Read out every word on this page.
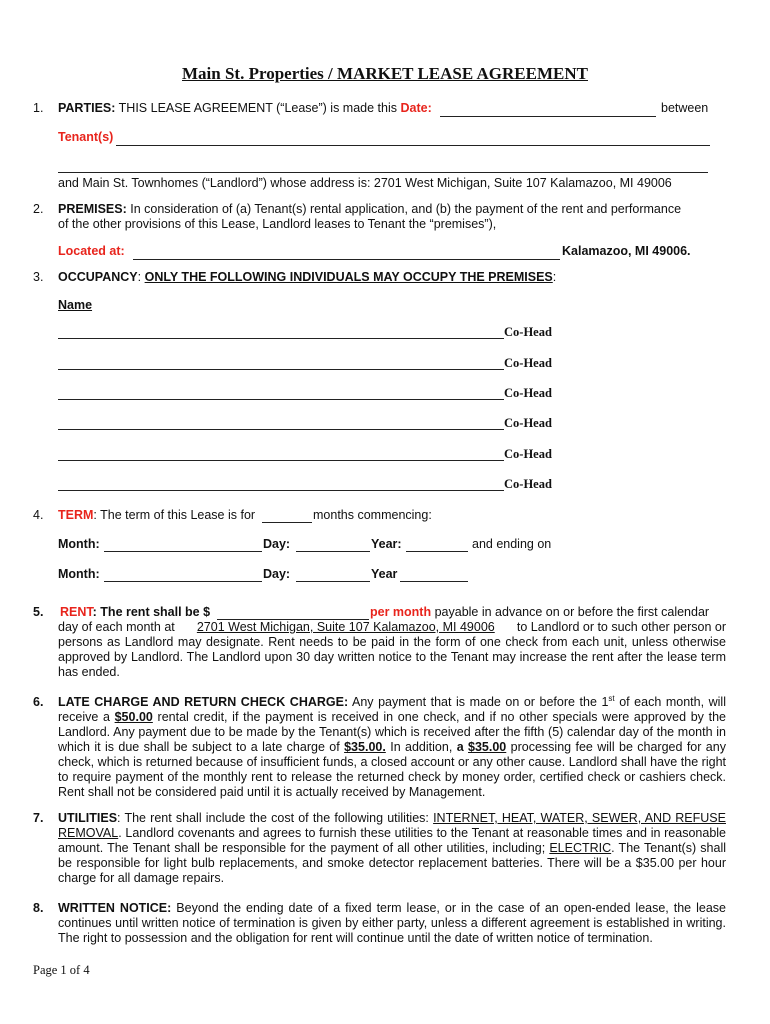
Main St. Properties / MARKET LEASE AGREEMENT
1. PARTIES: THIS LEASE AGREEMENT (“Lease”) is made this Date:	between
Tenant(s)
and Main St. Townhomes (“Landlord”) whose address is: 2701 West Michigan, Suite 107 Kalamazoo, MI 49006
2. PREMISES: In consideration of (a) Tenant(s) rental application, and (b) the payment of the rent and performance
of the other provisions of this Lease, Landlord leases to Tenant the “premises”),
Located at:	Kalamazoo, MI 49006.
3. OCCUPANCY: ONLY THE FOLLOWING INDIVIDUALS MAY OCCUPY THE PREMISES:
Name
Co-Head
Co-Head
Co-Head
Co-Head
Co-Head
Co-Head
4. TERM: The term of this Lease is for	months commencing:
Month:	Day:	Year:	and ending on
Month:	Day:	Year
5. RENT: The rent shall be $	per month payable in advance on or before the first calendar
day of each month at 2701 West Michigan, Suite 107 Kalamazoo, MI 49006 to Landlord or to such other person or
persons as Landlord may designate. Rent needs to be paid in the form of one check from each unit, unless otherwise approved by Landlord. The Landlord upon 30 day written notice to the Tenant may increase the rent after the lease term has ended.
6. LATE CHARGE AND RETURN CHECK CHARGE: Any payment that is made on or before the 1st of each month, will receive a $50.00 rental credit, if the payment is received in one check, and if no other specials were approved by the Landlord. Any payment due to be made by the Tenant(s) which is received after the fifth (5) calendar day of the month in which it is due shall be subject to a late charge of $35.00. In addition, a $35.00 processing fee will be charged for any check, which is returned because of insufficient funds, a closed account or any other cause. Landlord shall have the right to require payment of the monthly rent to release the returned check by money order, certified check or cashiers check. Rent shall not be considered paid until it is actually received by Management.
7. UTILITIES: The rent shall include the cost of the following utilities: INTERNET, HEAT, WATER, SEWER, AND REFUSE REMOVAL. Landlord covenants and agrees to furnish these utilities to the Tenant at reasonable times and in reasonable amount. The Tenant shall be responsible for the payment of all other utilities, including; ELECTRIC. The Tenant(s) shall be responsible for light bulb replacements, and smoke detector replacement batteries. There will be a $35.00 per hour charge for all damage repairs.
8. WRITTEN NOTICE: Beyond the ending date of a fixed term lease, or in the case of an open-ended lease, the lease continues until written notice of termination is given by either party, unless a different agreement is established in writing. The right to possession and the obligation for rent will continue until the date of written notice of termination.
Page 1 of 4
